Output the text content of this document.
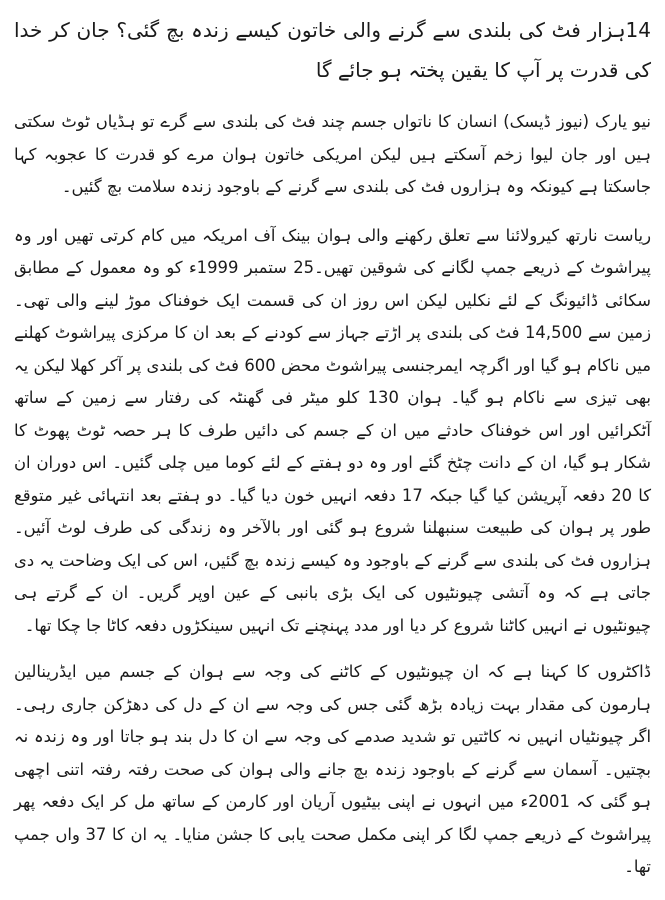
14ہزار فٹ کی بلندی سے گرنے والی خاتون کیسے زندہ بچ گئی؟ جان کر خدا کی قدرت پر آپ کا یقین پختہ ہو جائے گا

نیو یارک (نیوز ڈیسک) انسان کا ناتواں جسم چند فٹ کی بلندی سے گرے تو ہڈیاں ٹوٹ سکتی ہیں اور جان لیوا زخم آسکتے ہیں لیکن امریکی خاتون ہوان مرے کو قدرت کا عجوبہ کہا جاسکتا ہے کیونکہ وہ ہزاروں فٹ کی بلندی سے گرنے کے باوجود زندہ سلامت بچ گئیں۔

ریاست نارتھ کیرولائنا سے تعلق رکھنے والی ہوان بینک آف امریکہ میں کام کرتی تھیں اور وہ پیراشوٹ کے ذریعے جمپ لگانے کی شوقین تھیں۔25 ستمبر 1999ء کو وہ معمول کے مطابق سکائی ڈائیونگ کے لئے نکلیں لیکن اس روز ان کی قسمت ایک خوفناک موڑ لینے والی تھی۔ زمین سے 14,500 فٹ کی بلندی پر اڑتے جہاز سے کودنے کے بعد ان کا مرکزی پیراشوٹ کھلنے میں ناکام ہو گیا اور اگرچہ ایمرجنسی پیراشوٹ محض 600 فٹ کی بلندی پر آکر کھلا لیکن یہ بھی تیزی سے ناکام ہو گیا۔ ہوان 130 کلو میٹر فی گھنٹہ کی رفتار سے زمین کے ساتھ آٹکرائیں اور اس خوفناک حادثے میں ان کے جسم کی دائیں طرف کا ہر حصہ ٹوٹ پھوٹ کا شکار ہو گیا، ان کے دانت چٹخ گئے اور وہ دو ہفتے کے لئے کوما میں چلی گئیں۔ اس دوران ان کا 20 دفعہ آپریشن کیا گیا جبکہ 17 دفعہ انہیں خون دیا گیا۔ دو ہفتے بعد انتہائی غیر متوقع طور پر ہوان کی طبیعت سنبھلنا شروع ہو گئی اور بالآخر وہ زندگی کی طرف لوٹ آئیں۔ ہزاروں فٹ کی بلندی سے گرنے کے باوجود وہ کیسے زندہ بچ گئیں، اس کی ایک وضاحت یہ دی جاتی ہے کہ وہ آتشی چیونٹیوں کی ایک بڑی بانبی کے عین اوپر گریں۔ ان کے گرتے ہی چیونٹیوں نے انہیں کاٹنا شروع کر دیا اور مدد پہنچنے تک انہیں سینکڑوں دفعہ کاٹا جا چکا تھا۔

ڈاکٹروں کا کہنا ہے کہ ان چیونٹیوں کے کاٹنے کی وجہ سے ہوان کے جسم میں ایڈرینالین ہارمون کی مقدار بہت زیادہ بڑھ گئی جس کی وجہ سے ان کے دل کی دھڑکن جاری رہی۔ اگر چیونٹیاں انہیں نہ کاٹتیں تو شدید صدمے کی وجہ سے ان کا دل بند ہو جاتا اور وہ زندہ نہ بچتیں۔ آسمان سے گرنے کے باوجود زندہ بچ جانے والی ہوان کی صحت رفتہ رفتہ اتنی اچھی ہو گئی کہ 2001ء میں انہوں نے اپنی بیٹیوں آریان اور کارمن کے ساتھ مل کر ایک دفعہ پھر پیراشوٹ کے ذریعے جمپ لگا کر اپنی مکمل صحت یابی کا جشن منایا۔ یہ ان کا 37 واں جمپ تھا۔
